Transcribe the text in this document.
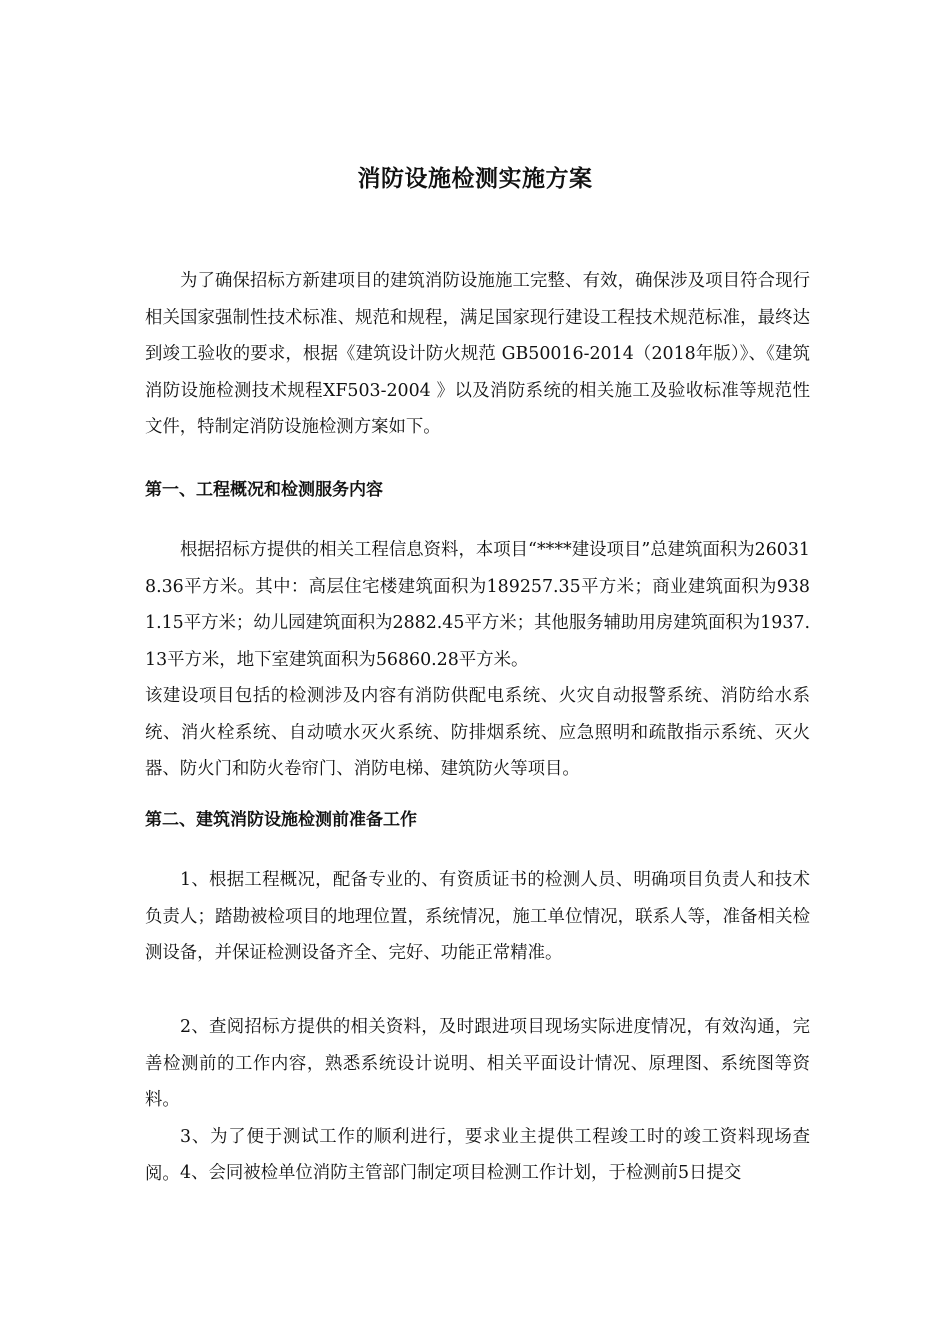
消防设施检测实施方案

为了确保招标方新建项目的建筑消防设施施工完整、有效，确保涉及项目符合现行相关国家强制性技术标准、规范和规程，满足国家现行建设工程技术规范标准，最终达到竣工验收的要求，根据《建筑设计防火规范 GB50016-2014（2018年版）》、《建筑消防设施检测技术规程XF503-2004 》以及消防系统的相关施工及验收标准等规范性文件，特制定消防设施检测方案如下。

第一、工程概况和检测服务内容

根据招标方提供的相关工程信息资料，本项目“****建设项目”总建筑面积为260318.36平方米。其中：高层住宅楼建筑面积为189257.35平方米；商业建筑面积为9381.15平方米；幼儿园建筑面积为2882.45平方米；其他服务辅助用房建筑面积为1937.13平方米，地下室建筑面积为56860.28平方米。

该建设项目包括的检测涉及内容有消防供配电系统、火灾自动报警系统、消防给水系统、消火栓系统、自动喷水灭火系统、防排烟系统、应急照明和疏散指示系统、灭火器、防火门和防火卷帘门、消防电梯、建筑防火等项目。

第二、建筑消防设施检测前准备工作

1、根据工程概况，配备专业的、有资质证书的检测人员、明确项目负责人和技术负责人；踏勘被检项目的地理位置，系统情况，施工单位情况，联系人等，准备相关检测设备，并保证检测设备齐全、完好、功能正常精准。

2、查阅招标方提供的相关资料，及时跟进项目现场实际进度情况，有效沟通，完善检测前的工作内容，熟悉系统设计说明、相关平面设计情况、原理图、系统图等资料。

3、为了便于测试工作的顺利进行，要求业主提供工程竣工时的竣工资料现场查阅。 4、会同被检单位消防主管部门制定项目检测工作计划，于检测前5日提交
